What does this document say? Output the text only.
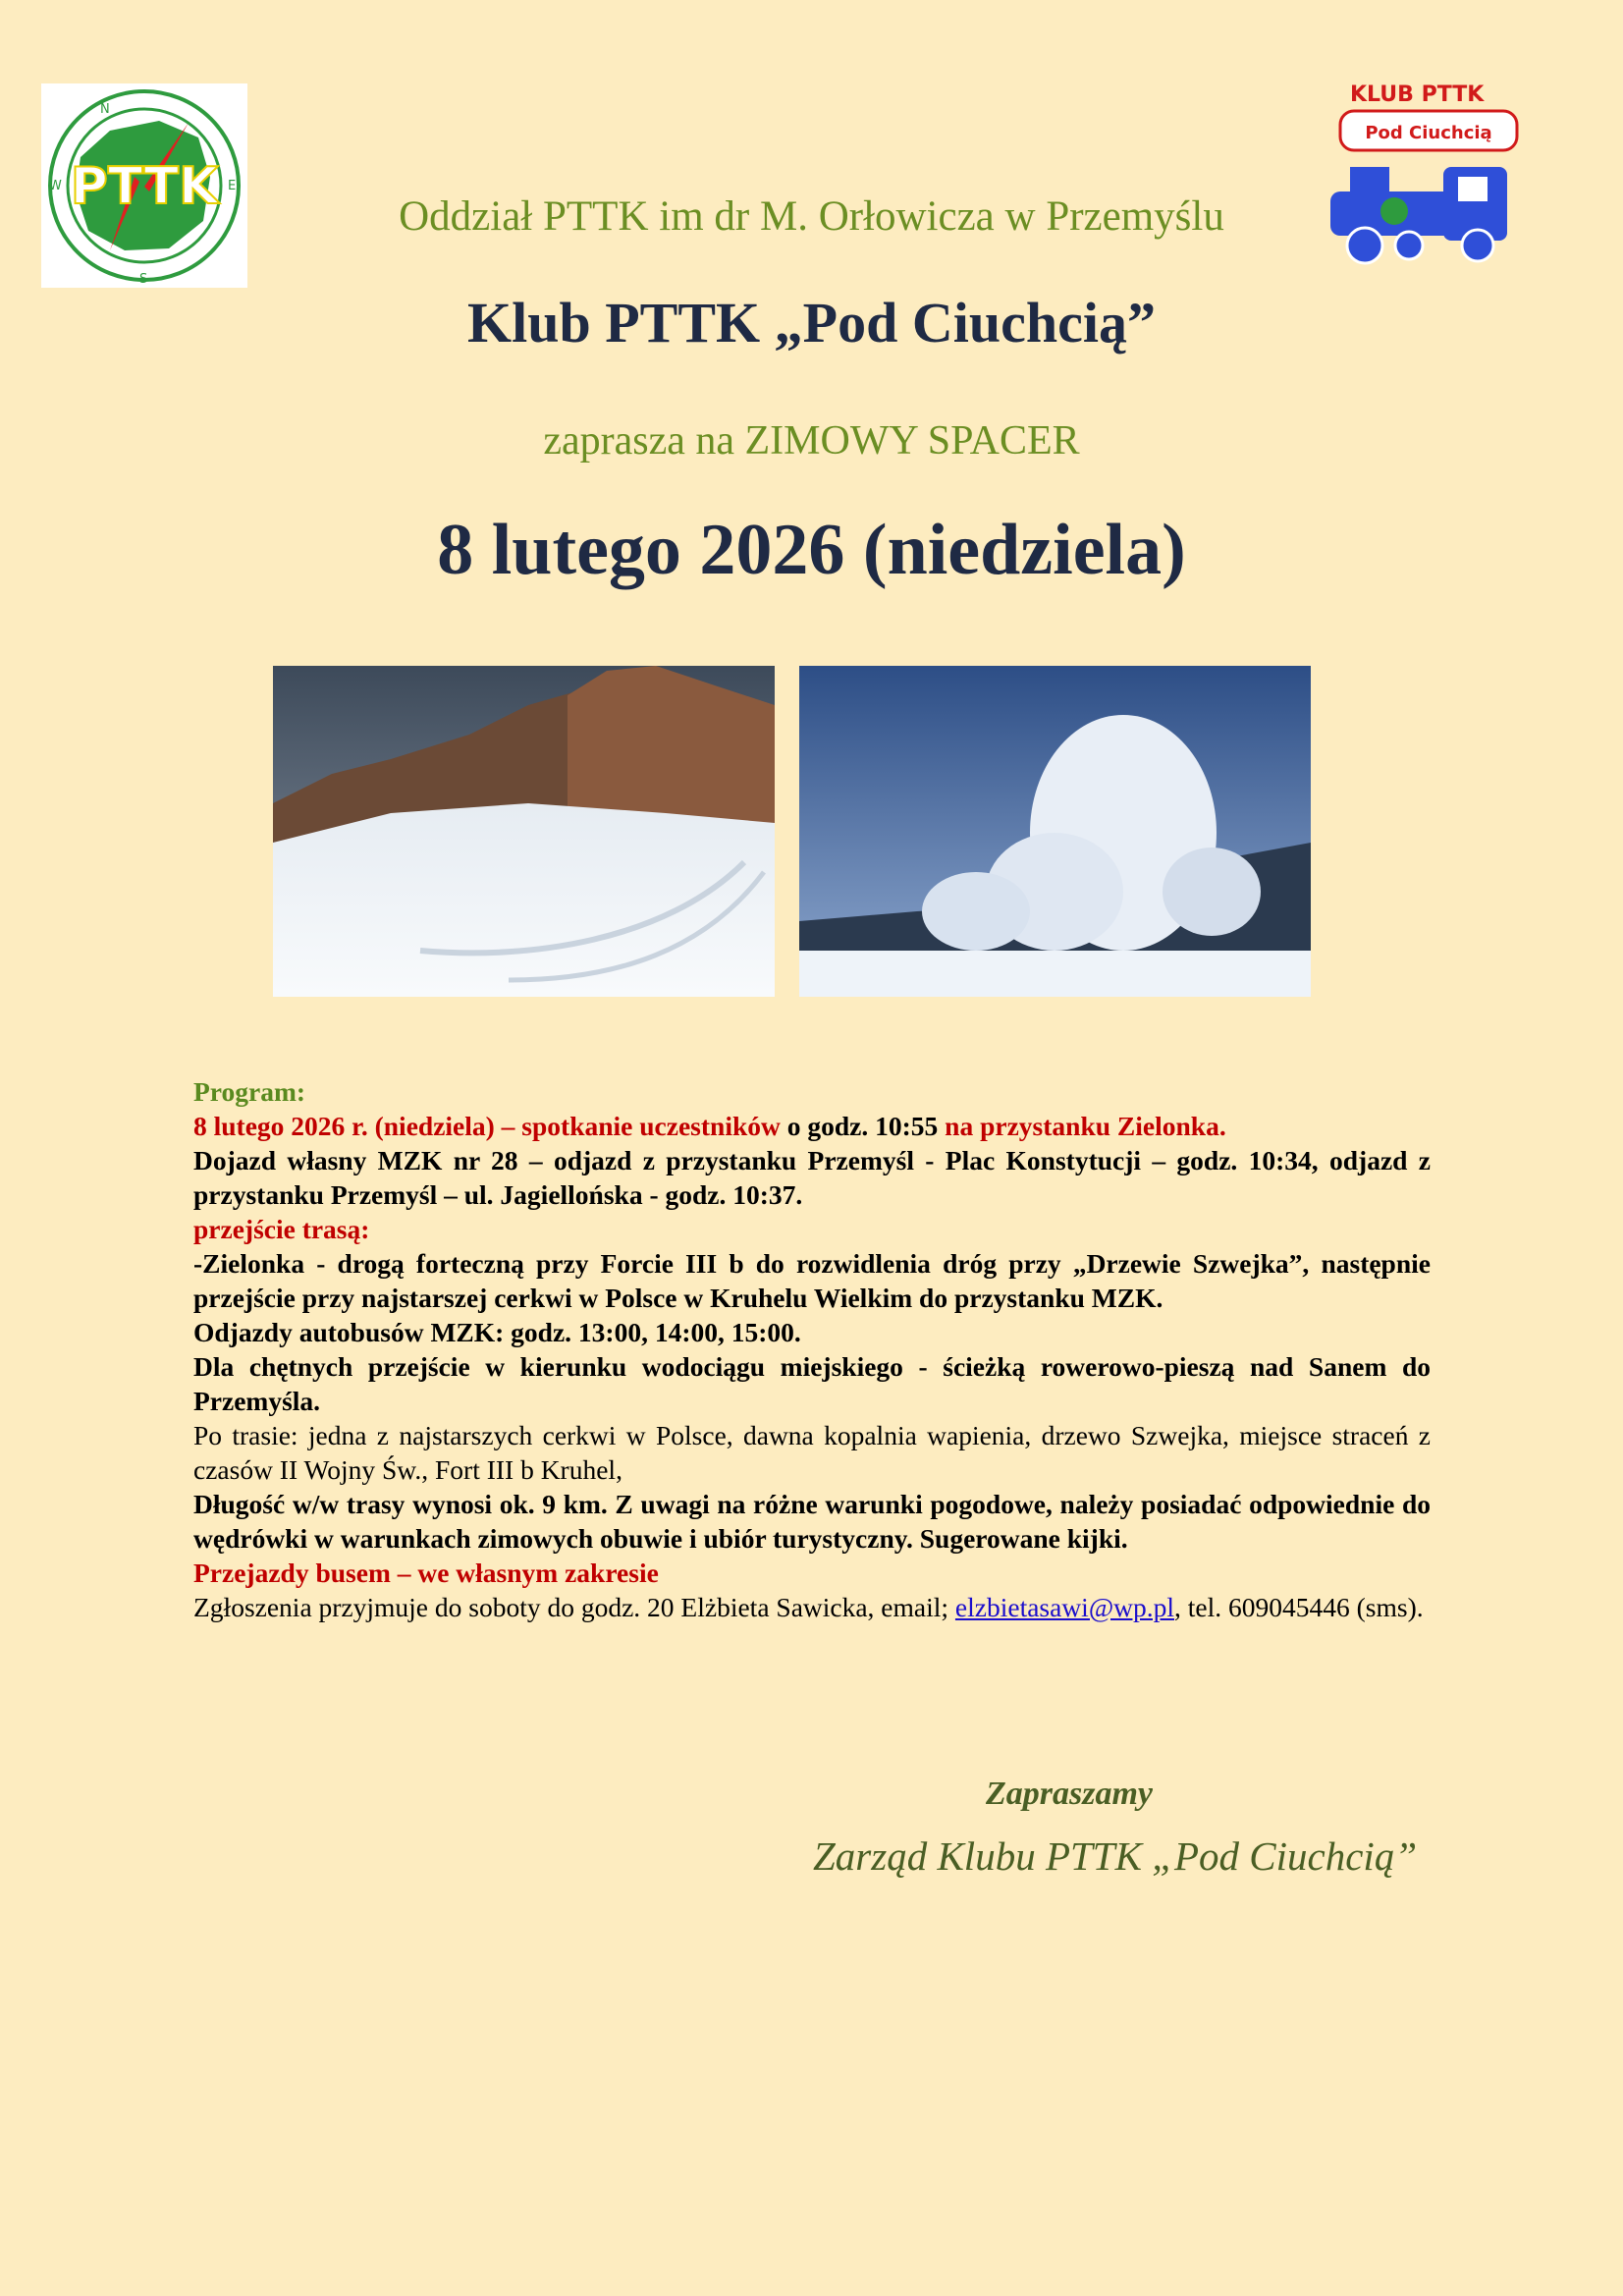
N
S
W	E
PTTK
KLUB PTTK
Pod Ciuchcią
Oddział PTTK im dr M. Orłowicza w Przemyślu
Klub PTTK „Pod Ciuchcią”
zaprasza na ZIMOWY SPACER
8 lutego 2026 (niedziela)

Program:

8 lutego 2026 r. (niedziela) – spotkanie uczestników o godz. 10:55 na przystanku Zielonka.

Dojazd własny MZK nr 28 – odjazd z przystanku Przemyśl - Plac Konstytucji – godz. 10:34, odjazd z przystanku Przemyśl – ul. Jagiellońska - godz. 10:37.

przejście trasą:

-Zielonka - drogą forteczną przy Forcie III b do rozwidlenia dróg przy „Drzewie Szwejka”, następnie przejście przy najstarszej cerkwi w Polsce w Kruhelu Wielkim do przystanku MZK.

Odjazdy autobusów MZK: godz. 13:00, 14:00, 15:00.

Dla chętnych przejście w kierunku wodociągu miejskiego - ścieżką rowerowo-pieszą nad Sanem do Przemyśla.

Po trasie: jedna z najstarszych cerkwi w Polsce, dawna kopalnia wapienia, drzewo Szwejka, miejsce straceń z czasów II Wojny Św., Fort III b Kruhel,

Długość w/w trasy wynosi ok. 9 km. Z uwagi na różne warunki pogodowe, należy posiadać odpowiednie do wędrówki w warunkach zimowych obuwie i ubiór turystyczny. Sugerowane kijki.

Przejazdy busem – we własnym zakresie

Zgłoszenia przyjmuje do soboty do godz. 20 Elżbieta Sawicka, email; elzbietasawi@wp.pl, tel. 609045446 (sms).

Zapraszamy
Zarząd Klubu PTTK „Pod Ciuchcią”
